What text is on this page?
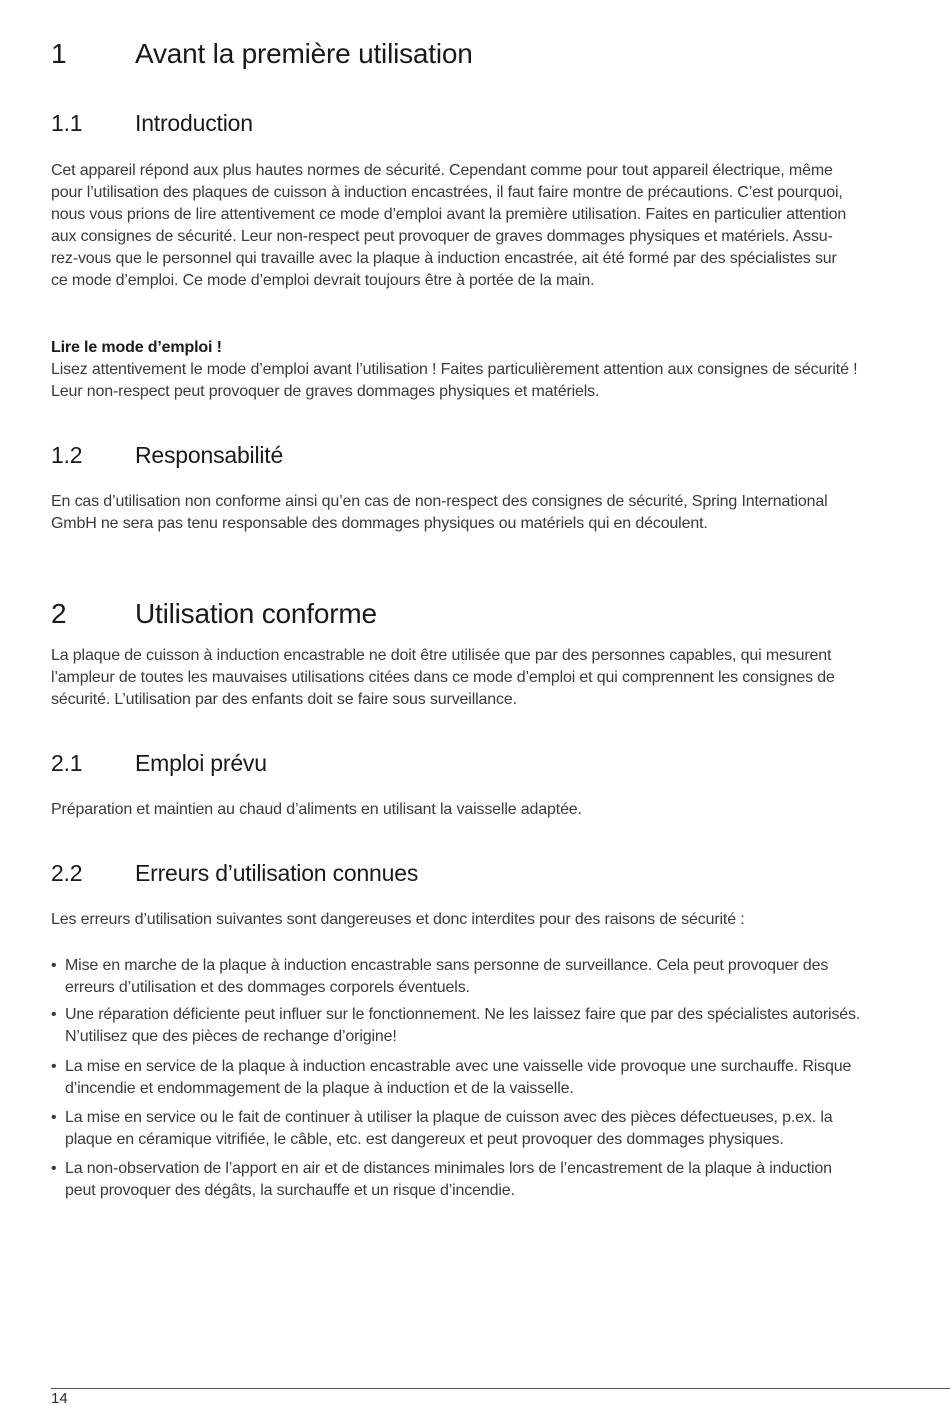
1 Avant la première utilisation
1.1 Introduction
Cet appareil répond aux plus hautes normes de sécurité. Cependant comme pour tout appareil électrique, même
pour l’utilisation des plaques de cuisson à induction encastrées, il faut faire montre de précautions. C’est pourquoi,
nous vous prions de lire attentivement ce mode d’emploi avant la première utilisation. Faites en particulier attention
aux consignes de sécurité. Leur non-respect peut provoquer de graves dommages physiques et matériels. Assu-
rez-vous que le personnel qui travaille avec la plaque à induction encastrée, ait été formé par des spécialistes sur
ce mode d’emploi. Ce mode d’emploi devrait toujours être à portée de la main.
Lire le mode d’emploi !
Lisez attentivement le mode d’emploi avant l’utilisation ! Faites particulièrement attention aux consignes de sécurité !
Leur non-respect peut provoquer de graves dommages physiques et matériels.
1.2 Responsabilité
En cas d’utilisation non conforme ainsi qu’en cas de non-respect des consignes de sécurité, Spring International
GmbH ne sera pas tenu responsable des dommages physiques ou matériels qui en découlent.
2 Utilisation conforme
La plaque de cuisson à induction encastrable ne doit être utilisée que par des personnes capables, qui mesurent
l’ampleur de toutes les mauvaises utilisations citées dans ce mode d’emploi et qui comprennent les consignes de
sécurité. L’utilisation par des enfants doit se faire sous surveillance.
2.1 Emploi prévu
Préparation et maintien au chaud d’aliments en utilisant la vaisselle adaptée.
2.2 Erreurs d’utilisation connues
Les erreurs d’utilisation suivantes sont dangereuses et donc interdites pour des raisons de sécurité :
• Mise en marche de la plaque à induction encastrable sans personne de surveillance. Cela peut provoquer des
erreurs d’utilisation et des dommages corporels éventuels.
• Une réparation déficiente peut influer sur le fonctionnement. Ne les laissez faire que par des spécialistes autorisés.
N’utilisez que des pièces de rechange d’origine!
• La mise en service de la plaque à induction encastrable avec une vaisselle vide provoque une surchauffe. Risque
d’incendie et endommagement de la plaque à induction et de la vaisselle.
• La mise en service ou le fait de continuer à utiliser la plaque de cuisson avec des pièces défectueuses, p.ex. la
plaque en céramique vitrifiée, le câble, etc. est dangereux et peut provoquer des dommages physiques.
• La non-observation de l’apport en air et de distances minimales lors de l’encastrement de la plaque à induction
peut provoquer des dégâts, la surchauffe et un risque d’incendie.
14
